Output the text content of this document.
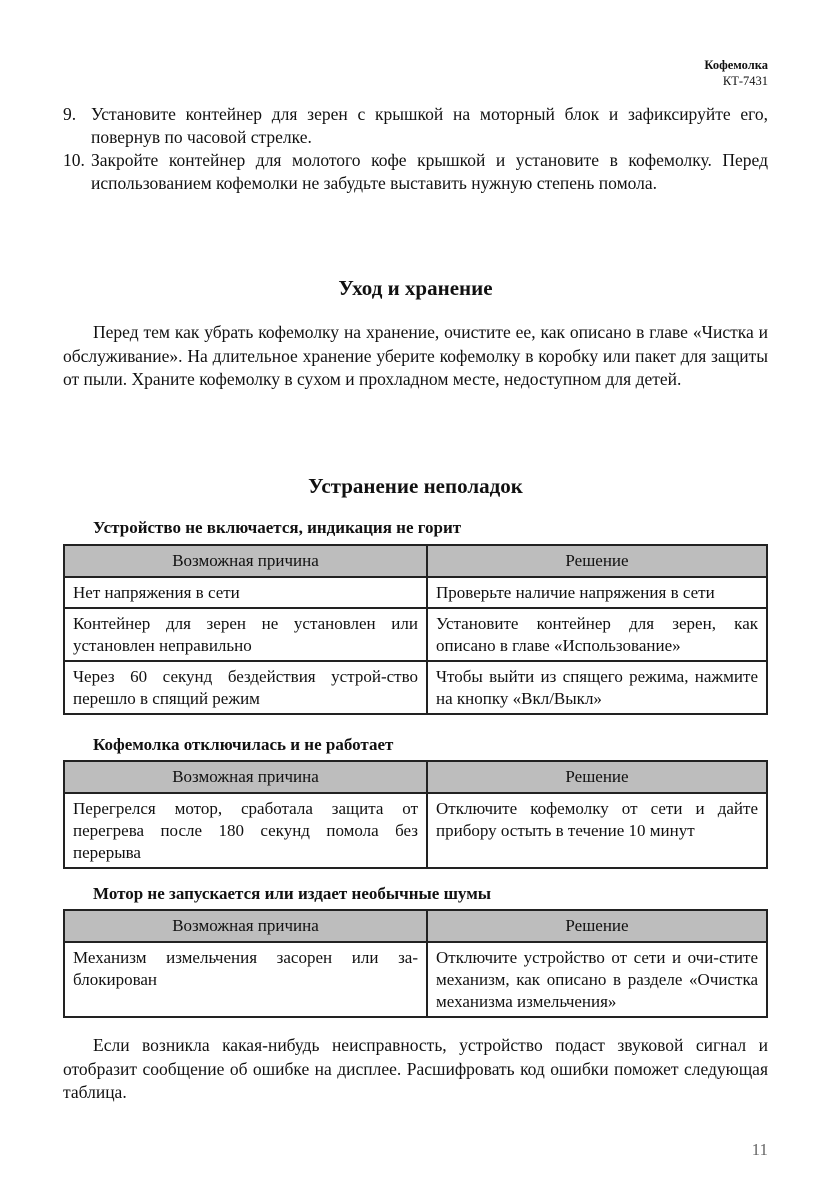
Кофемолка
КТ-7431
9. Установите контейнер для зерен с крышкой на моторный блок и зафиксируйте его, повернув по часовой стрелке.
10. Закройте контейнер для молотого кофе крышкой и установите в кофемолку. Перед использованием кофемолки не забудьте выставить нужную степень помола.
Уход и хранение

Перед тем как убрать кофемолку на хранение, очистите ее, как описано в главе «Чистка и обслуживание». На длительное хранение уберите кофемолку в коробку или пакет для защиты от пыли. Храните кофемолку в сухом и прохладном месте, недоступном для детей.

Устранение неполадок
Устройство не включается, индикация не горит
Возможная причина	Решение
Нет напряжения в сети	Проверьте наличие напряжения в сети
Контейнер для зерен не установлен или установлен неправильно	Установите контейнер для зерен, как описано в главе «Использование»
Через 60 секунд бездействия устрой-ство перешло в спящий режим	Чтобы выйти из спящего режима, нажмите на кнопку «Вкл/Выкл»
Кофемолка отключилась и не работает
Возможная причина	Решение
Перегрелся мотор, сработала защита от перегрева после 180 секунд помола без перерыва	Отключите кофемолку от сети и дайте прибору остыть в течение 10 минут
Мотор не запускается или издает необычные шумы
Возможная причина	Решение
Механизм измельчения засорен или за-блокирован	Отключите устройство от сети и очи-стите механизм, как описано в разделе «Очистка механизма измельчения»

Если возникла какая-нибудь неисправность, устройство подаст звуковой сигнал и отобразит сообщение об ошибке на дисплее. Расшифровать код ошибки поможет следующая таблица.

11
